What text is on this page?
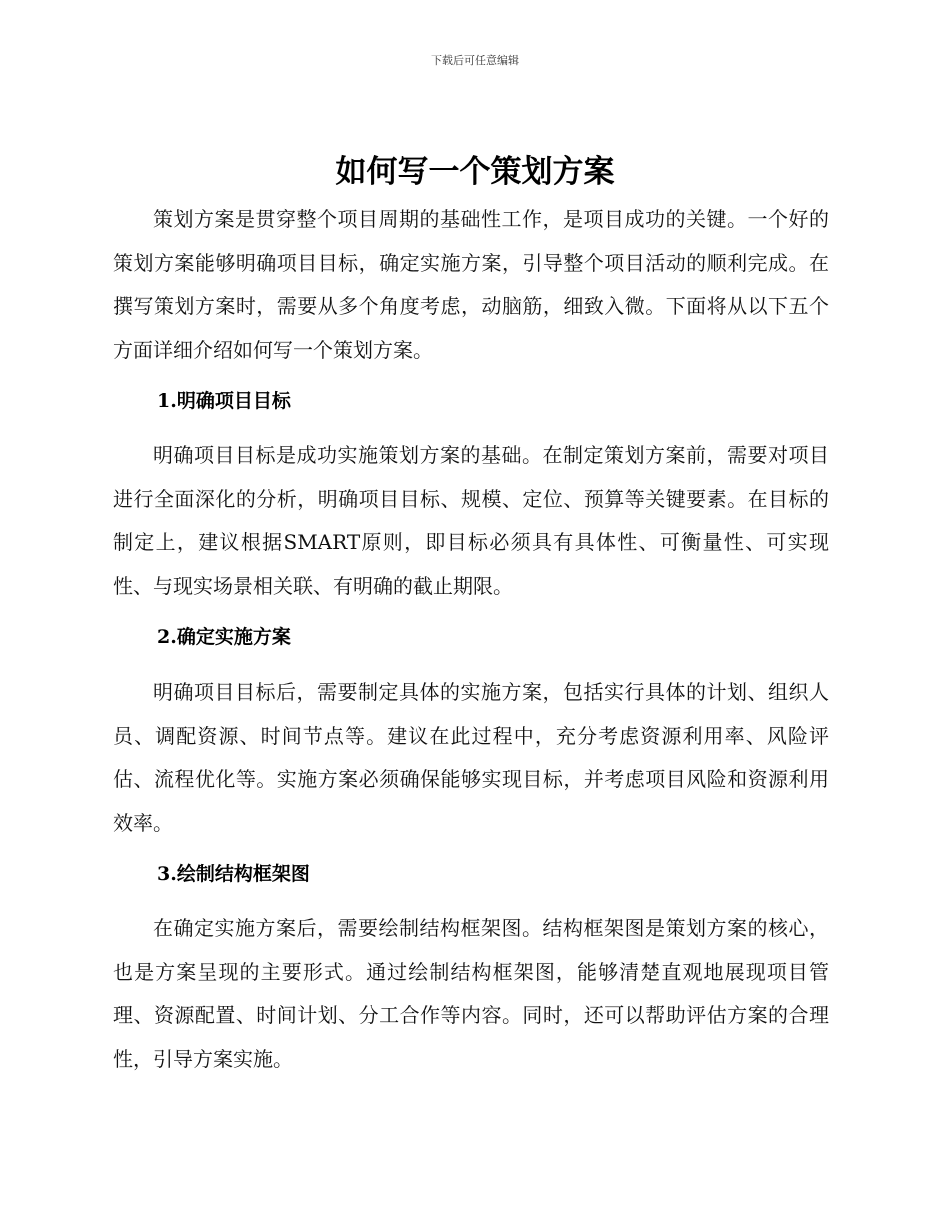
下载后可任意编辑
如何写一个策划方案

策划方案是贯穿整个项目周期的基础性工作，是项目成功的关键。一个好的策划方案能够明确项目目标，确定实施方案，引导整个项目活动的顺利完成。在撰写策划方案时，需要从多个角度考虑，动脑筋，细致入微。下面将从以下五个方面详细介绍如何写一个策划方案。

1.明确项目目标

明确项目目标是成功实施策划方案的基础。在制定策划方案前，需要对项目进行全面深化的分析，明确项目目标、规模、定位、预算等关键要素。在目标的制定上，建议根据SMART原则，即目标必须具有具体性、可衡量性、可实现性、与现实场景相关联、有明确的截止期限。

2.确定实施方案

明确项目目标后，需要制定具体的实施方案，包括实行具体的计划、组织人员、调配资源、时间节点等。建议在此过程中，充分考虑资源利用率、风险评估、流程优化等。实施方案必须确保能够实现目标，并考虑项目风险和资源利用效率。

3.绘制结构框架图

在确定实施方案后，需要绘制结构框架图。结构框架图是策划方案的核心，也是方案呈现的主要形式。通过绘制结构框架图，能够清楚直观地展现项目管理、资源配置、时间计划、分工合作等内容。同时，还可以帮助评估方案的合理性，引导方案实施。
